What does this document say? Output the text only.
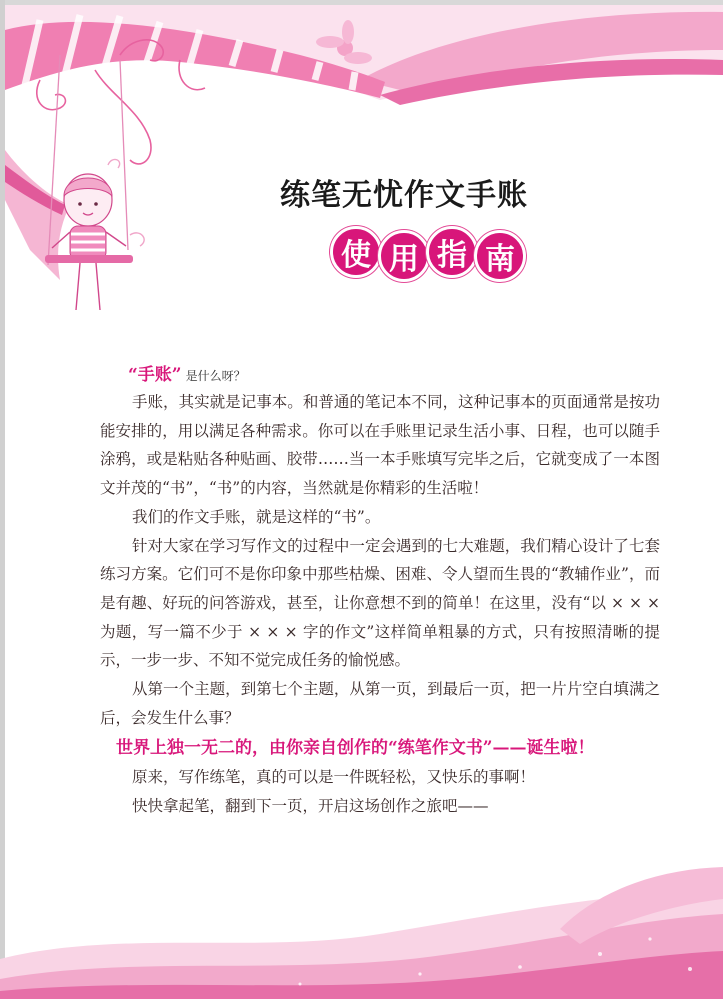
练笔无忧作文手账
使 用 指 南
“手账” 是什么呀？

手账，其实就是记事本。和普通的笔记本不同，这种记事本的页面通常是按功能安排的，用以满足各种需求。你可以在手账里记录生活小事、日程，也可以随手涂鸦，或是粘贴各种贴画、胶带……当一本手账填写完毕之后，它就变成了一本图文并茂的“书”，“书”的内容，当然就是你精彩的生活啦！

我们的作文手账，就是这样的“书”。

针对大家在学习写作文的过程中一定会遇到的七大难题，我们精心设计了七套练习方案。它们可不是你印象中那些枯燥、困难、令人望而生畏的“教辅作业”，而是有趣、好玩的问答游戏，甚至，让你意想不到的简单！在这里，没有“以 × × × 为题，写一篇不少于 × × × 字的作文”这样简单粗暴的方式，只有按照清晰的提示，一步一步、不知不觉完成任务的愉悦感。

从第一个主题，到第七个主题，从第一页，到最后一页，把一片片空白填满之后，会发生什么事？

世界上独一无二的，由你亲自创作的“练笔作文书”——诞生啦！

原来，写作练笔，真的可以是一件既轻松，又快乐的事啊！

快快拿起笔，翻到下一页，开启这场创作之旅吧——
